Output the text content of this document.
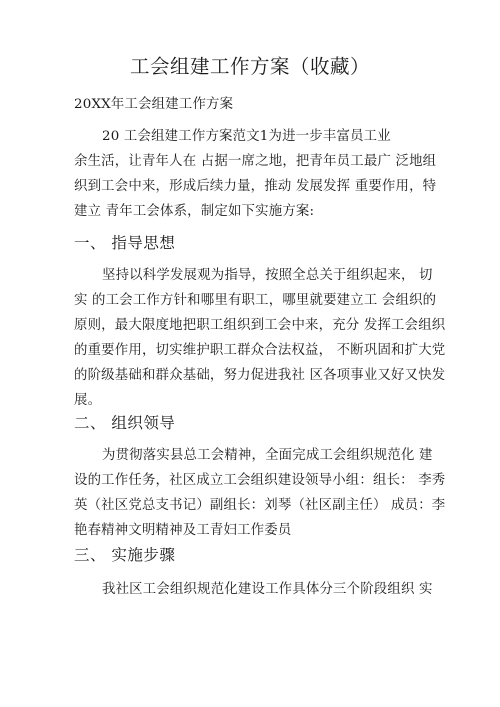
工会组建工作方案（收藏）
20XX年工会组建工作方案
20 工会组建工作方案范文1为进一步丰富员工业
余生活，让青年人在 占据一席之地，把青年员工最广 泛地组
织到工会中来，形成后续力量，推动 发展发挥 重要作用，特
建立 青年工会体系，制定如下实施方案:
一、 指导思想
坚持以科学发展观为指导，按照全总关于组织起来， 切
实 的工会工作方针和哪里有职工，哪里就要建立工 会组织的
原则，最大限度地把职工组织到工会中来，充分 发挥工会组织
的重要作用，切实维护职工群众合法权益， 不断巩固和扩大党
的阶级基础和群众基础，努力促进我社 区各项事业又好又快发
展。
二、 组织领导
为贯彻落实县总工会精神，全面完成工会组织规范化 建
设的工作任务，社区成立工会组织建设领导小组：组长： 李秀
英（社区党总支书记）副组长：刘琴（社区副主任） 成员：李
艳春精神文明精神及工青妇工作委员
三、 实施步骤
我社区工会组织规范化建设工作具体分三个阶段组织 实
